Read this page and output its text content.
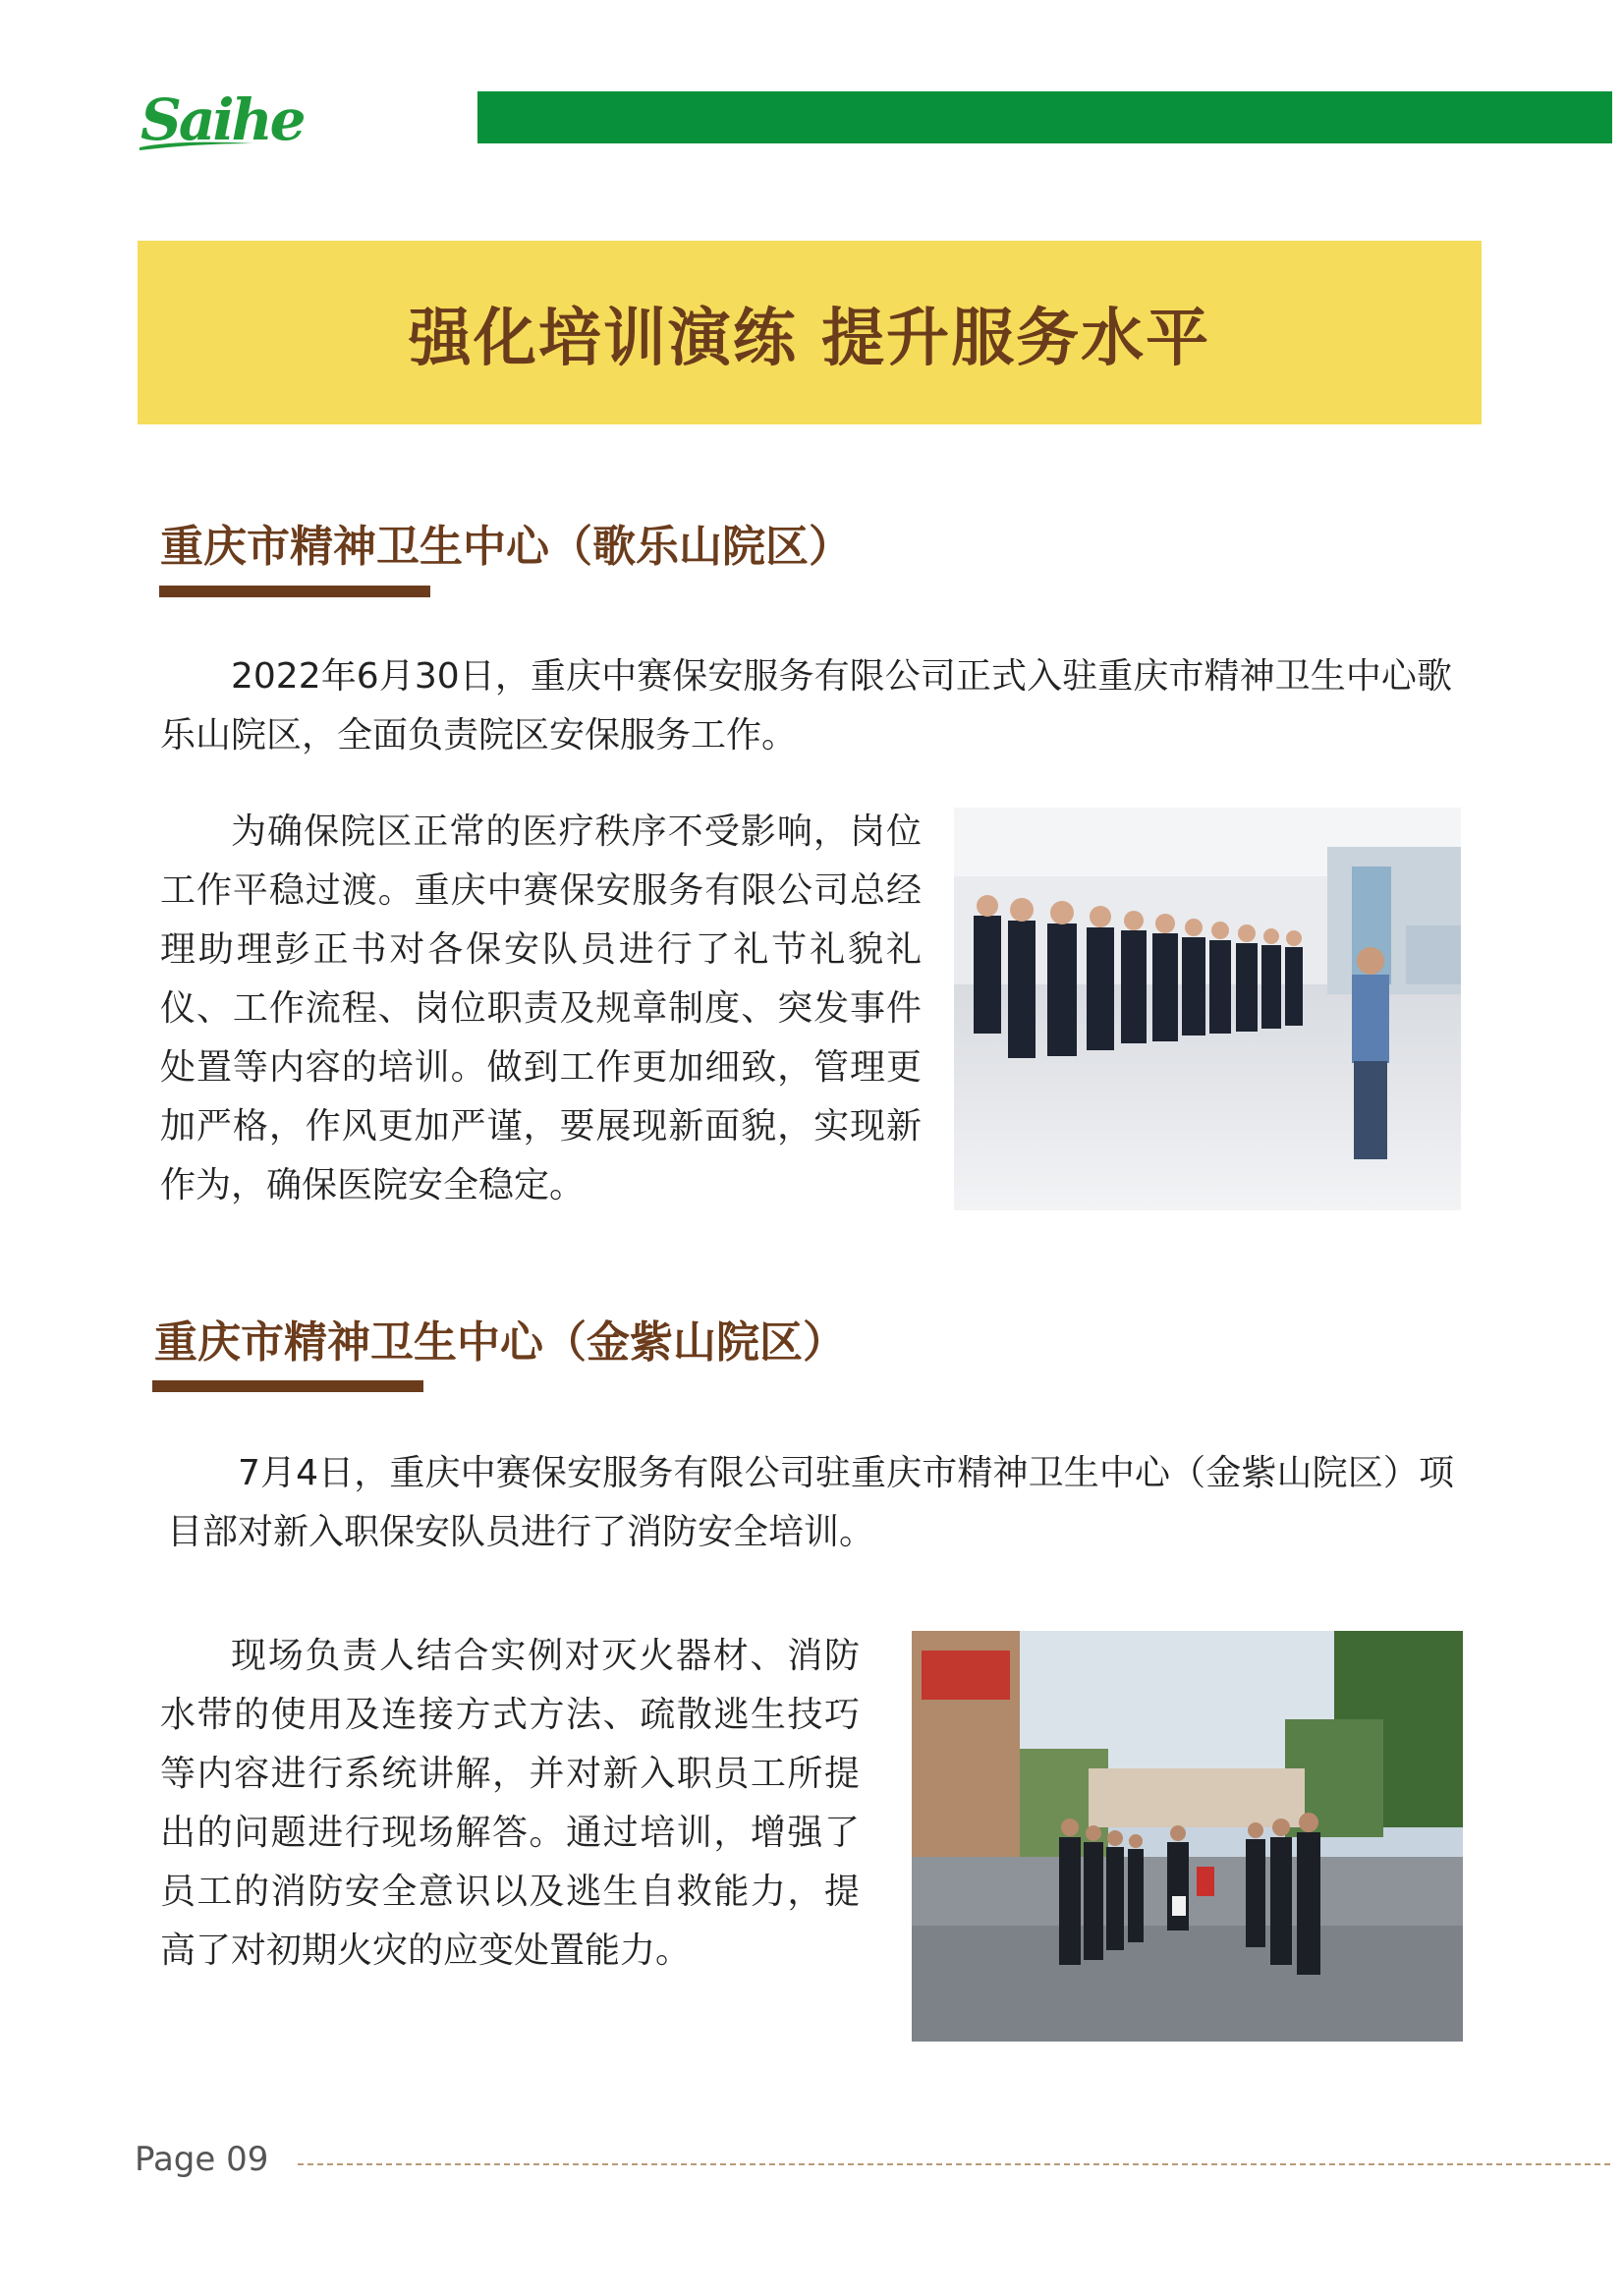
Saihe
强化培训演练 提升服务水平
重庆市精神卫生中心（歌乐山院区）
2022年6月30日，重庆中赛保安服务有限公司正式入驻重庆市精神卫生中心歌乐山院区，全面负责院区安保服务工作。
为确保院区正常的医疗秩序不受影响，岗位工作平稳过渡。重庆中赛保安服务有限公司总经理助理彭正书对各保安队员进行了礼节礼貌礼仪、工作流程、岗位职责及规章制度、突发事件处置等内容的培训。做到工作更加细致，管理更加严格，作风更加严谨，要展现新面貌，实现新作为，确保医院安全稳定。
重庆市精神卫生中心（金紫山院区）
7月4日，重庆中赛保安服务有限公司驻重庆市精神卫生中心（金紫山院区）项目部对新入职保安队员进行了消防安全培训。
现场负责人结合实例对灭火器材、消防水带的使用及连接方式方法、疏散逃生技巧等内容进行系统讲解，并对新入职员工所提出的问题进行现场解答。通过培训，增强了员工的消防安全意识以及逃生自救能力，提高了对初期火灾的应变处置能力。
Page 09
